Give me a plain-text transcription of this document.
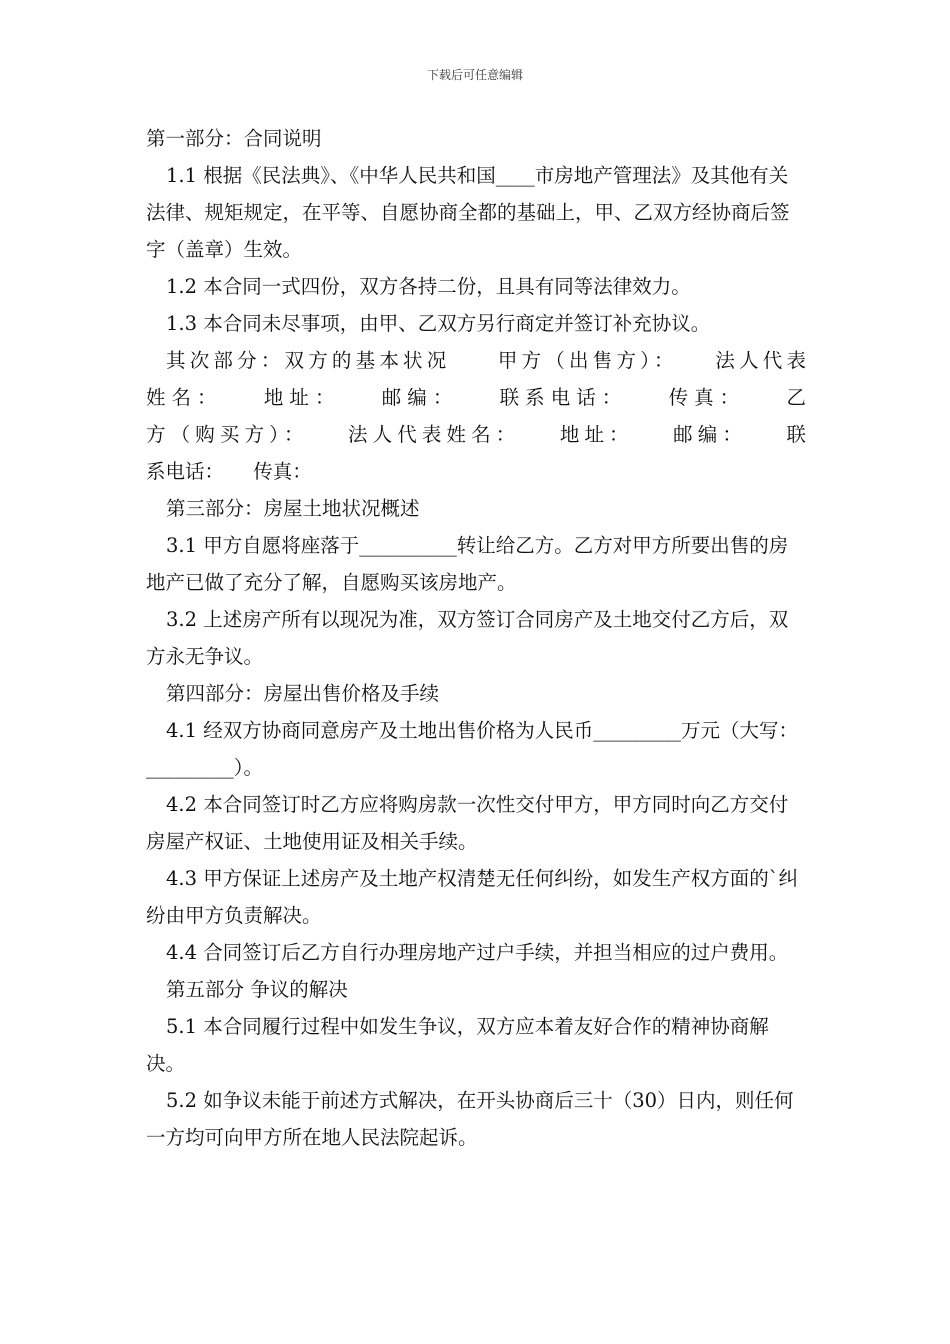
下载后可任意编辑

第一部分：合同说明

1.1 根据《民法典》、《中华人民共和国____市房地产管理法》及其他有关法律、规矩规定，在平等、自愿协商全都的基础上，甲、乙双方经协商后签字（盖章）生效。

1.2 本合同一式四份，双方各持二份，且具有同等法律效力。

1.3 本合同未尽事项，由甲、乙双方另行商定并签订补充协议。

其次部分：双方的基本状况　　甲方（出售方）：　　法人代表

姓名：　　地址：　　邮编：　　联系电话：　　传真：　　乙

方（购买方）：　　法人代表姓名：　　地址：　　邮编：　　联

系电话：　　传真：

第三部分：房屋土地状况概述

3.1 甲方自愿将座落于__________转让给乙方。乙方对甲方所要出售的房地产已做了充分了解，自愿购买该房地产。

3.2 上述房产所有以现况为准，双方签订合同房产及土地交付乙方后，双方永无争议。

第四部分：房屋出售价格及手续

4.1 经双方协商同意房产及土地出售价格为人民币_________万元（大写：_________）。

4.2 本合同签订时乙方应将购房款一次性交付甲方，甲方同时向乙方交付房屋产权证、土地使用证及相关手续。

4.3 甲方保证上述房产及土地产权清楚无任何纠纷，如发生产权方面的`纠纷由甲方负责解决。

4.4 合同签订后乙方自行办理房地产过户手续，并担当相应的过户费用。

第五部分 争议的解决

5.1 本合同履行过程中如发生争议，双方应本着友好合作的精神协商解决。

5.2 如争议未能于前述方式解决，在开头协商后三十（30）日内，则任何一方均可向甲方所在地人民法院起诉。
